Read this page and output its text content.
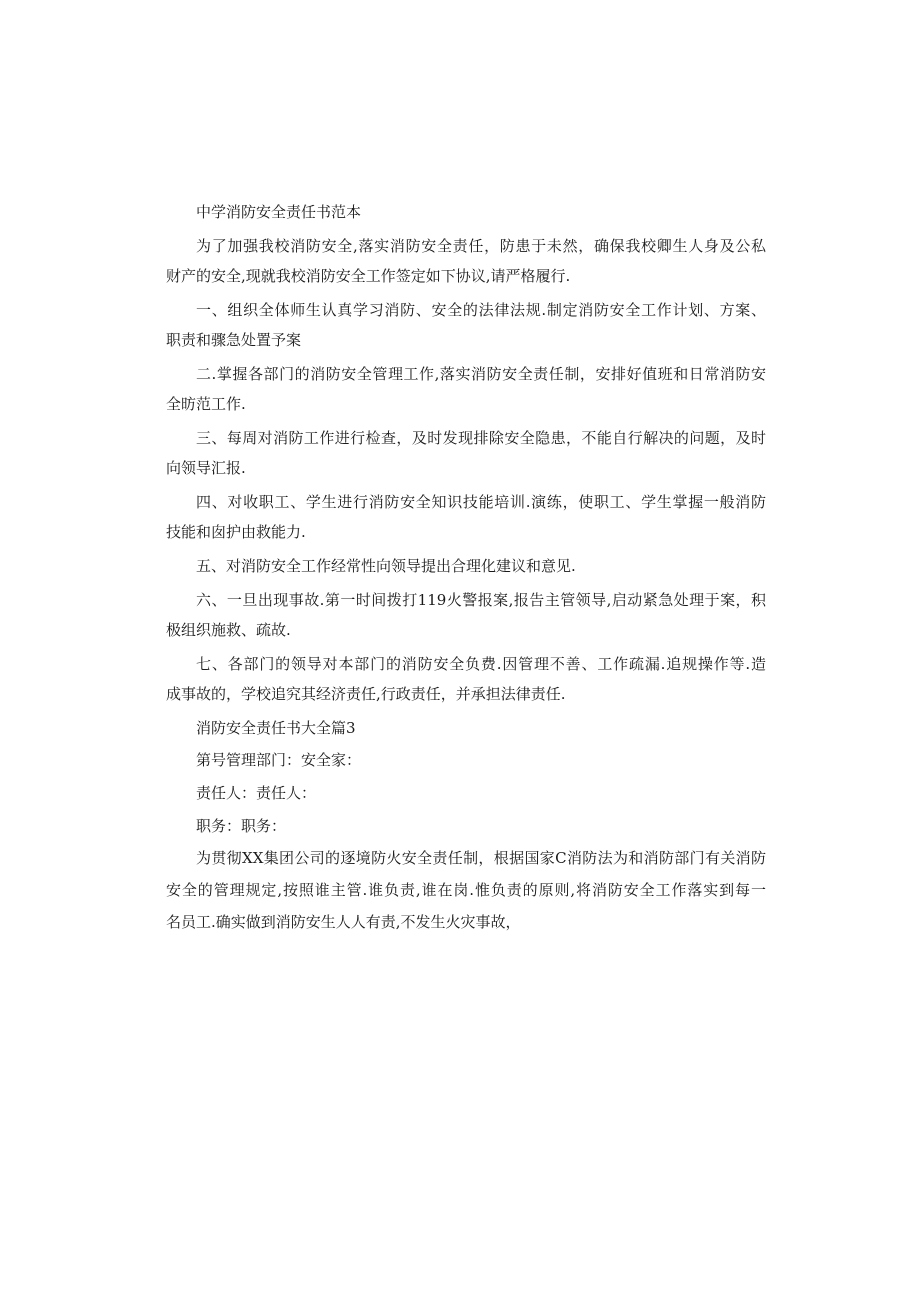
中学消防安全责任书范本
为了加强我校消防安全,落实消防安全责任，防患于未然，确保我校卿生人身及公私
财产的安全,现就我校消防安全工作签定如下协议,请严格履行.
一、组织全体师生认真学习消防、安全的法律法规.制定消防安全工作计划、方案、
职责和骤急处置予案
二.掌握各部门的消防安全管理工作,落实消防安全责任制，安排好值班和日常消防安
全昉范工作.
三、每周对消防工作进行检查，及时发现排除安全隐患，不能自行解决的问题，及时
向领导汇报.
四、对收职工、学生进行消防安全知识技能培训.演练，使职工、学生掌握一般消防
技能和囱护由救能力.
五、对消防安全工作经常性向领导提出合理化建议和意见.
六、一旦出现事故.第一时间拨打119火警报案,报告主管领导,启动紧急处理于案，积
极组织施救、疏故.
七、各部门的领导对本部门的消防安全负费.因管理不善、工作疏漏.追规操作等.造
成事故的，学校追究其经济责任,行政责任，并承担法律责任.
消防安全责任书大全篇3
第号管理部门：安全家：
责任人：责任人：
职务：职务：
为贯彻XX集团公司的逐境防火安全责任制，根据国家C消防法为和消防部门有关消防
安全的管理规定,按照谁主管.谁负责,谁在岗.惟负责的原则,将消防安全工作落实到每一
名员工.确实做到消防安生人人有责,不发生火灾事故，
